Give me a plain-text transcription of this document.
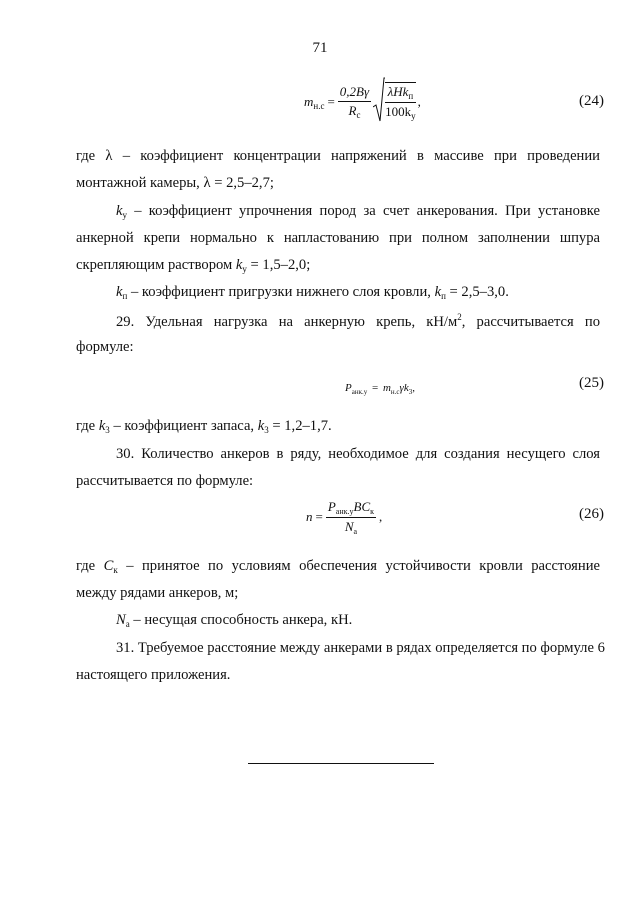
71
$m_{н.с} = \frac{0,2B\gamma}{R_с} \frac{\lambda Hk_п}{100k_у}$ ,	(24)
где λ – коэффициент концентрации напряжений в массиве при проведении
монтажной камеры, λ = 2,5–2,7;
$k_у$ – коэффициент упрочнения пород за счет анкерования. При установке
анкерной крепи нормально к напластованию при полном заполнении шпура
скрепляющим раствором $k_у = 1,5-2,0$;
$k_п$ – коэффициент пригрузки нижнего слоя кровли, $k_п = 2,5-3,0$.
29. Удельная нагрузка на анкерную крепь, $кН/м^2$, рассчитывается по
формуле:
$P_{анк.у} = m_{н.с}\gamma k_3$,	(25)
где $k_3$ – коэффициент запаса, $k_3 = 1,2-1,7$.
30. Количество анкеров в ряду, необходимое для создания несущего слоя
рассчитывается по формуле:
$n = \frac{P_{анк.у}BC_к}{N_а}$ ,	(26)
где $C_к$ – принятое по условиям обеспечения устойчивости кровли расстояние
между рядами анкеров, м;
$N_а$ – несущая способность анкера, кН.
31. Требуемое расстояние между анкерами в рядах определяется по формуле 6
настоящего приложения.
